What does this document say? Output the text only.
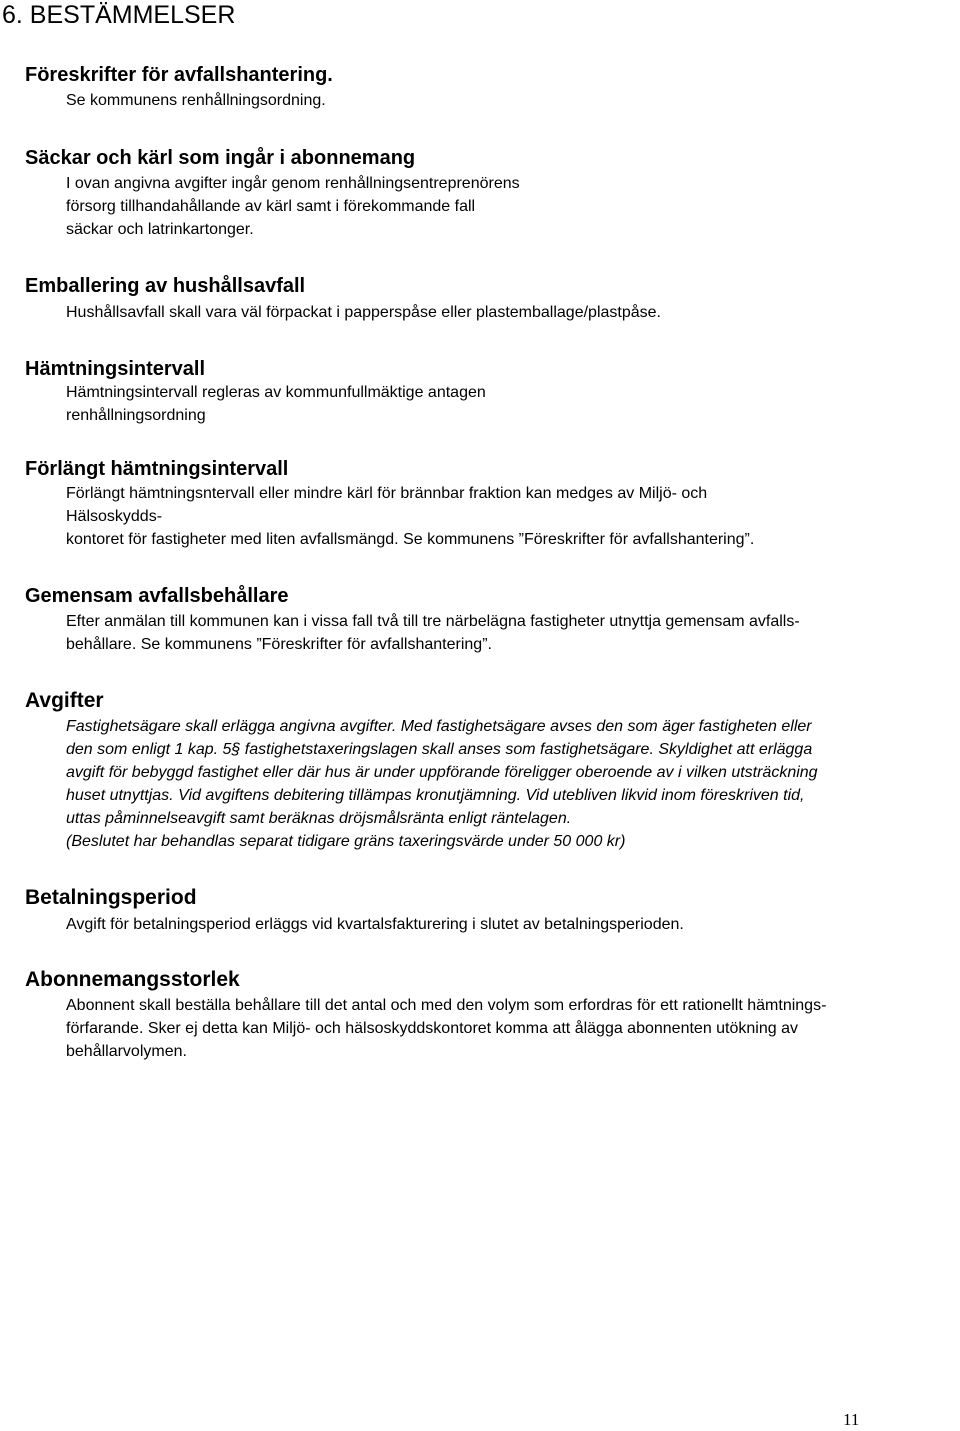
6. BESTÄMMELSER
Föreskrifter för avfallshantering.
Se kommunens renhållningsordning.
Säckar och kärl som ingår i abonnemang
I ovan angivna avgifter ingår genom renhållningsentreprenörens
försorg tillhandahållande av kärl samt i förekommande fall
säckar och latrinkartonger.
Emballering av hushållsavfall
Hushållsavfall skall vara väl förpackat i papperspåse eller plastemballage/plastpåse.
Hämtningsintervall
Hämtningsintervall regleras av kommunfullmäktige antagen
renhållningsordning
Förlängt hämtningsintervall
Förlängt hämtningsntervall eller mindre kärl för brännbar fraktion kan medges av Miljö- och
Hälsoskydds-
kontoret för fastigheter med liten avfallsmängd. Se kommunens ”Föreskrifter för avfallshantering”.
Gemensam avfallsbehållare
Efter anmälan till kommunen kan i vissa fall två till tre närbelägna fastigheter utnyttja gemensam avfalls-
behållare. Se kommunens ”Föreskrifter för avfallshantering”.
Avgifter
Fastighetsägare skall erlägga angivna avgifter. Med fastighetsägare avses den som äger fastigheten eller
den som enligt 1 kap. 5§ fastighetstaxeringslagen skall anses som fastighetsägare. Skyldighet att erlägga
avgift för bebyggd fastighet eller där hus är under uppförande föreligger oberoende av i vilken utsträckning
huset utnyttjas. Vid avgiftens debitering tillämpas kronutjämning. Vid utebliven likvid inom föreskriven tid,
uttas påminnelseavgift samt beräknas dröjsmålsränta enligt räntelagen.
(Beslutet har behandlas separat tidigare gräns taxeringsvärde under 50 000 kr)
Betalningsperiod
Avgift för betalningsperiod erläggs vid kvartalsfakturering i slutet av betalningsperioden.
Abonnemangsstorlek
Abonnent skall beställa behållare till det antal och med den volym som erfordras för ett rationellt hämtnings-
förfarande. Sker ej detta kan Miljö- och hälsoskyddskontoret komma att ålägga abonnenten utökning av
behållarvolymen.
11
